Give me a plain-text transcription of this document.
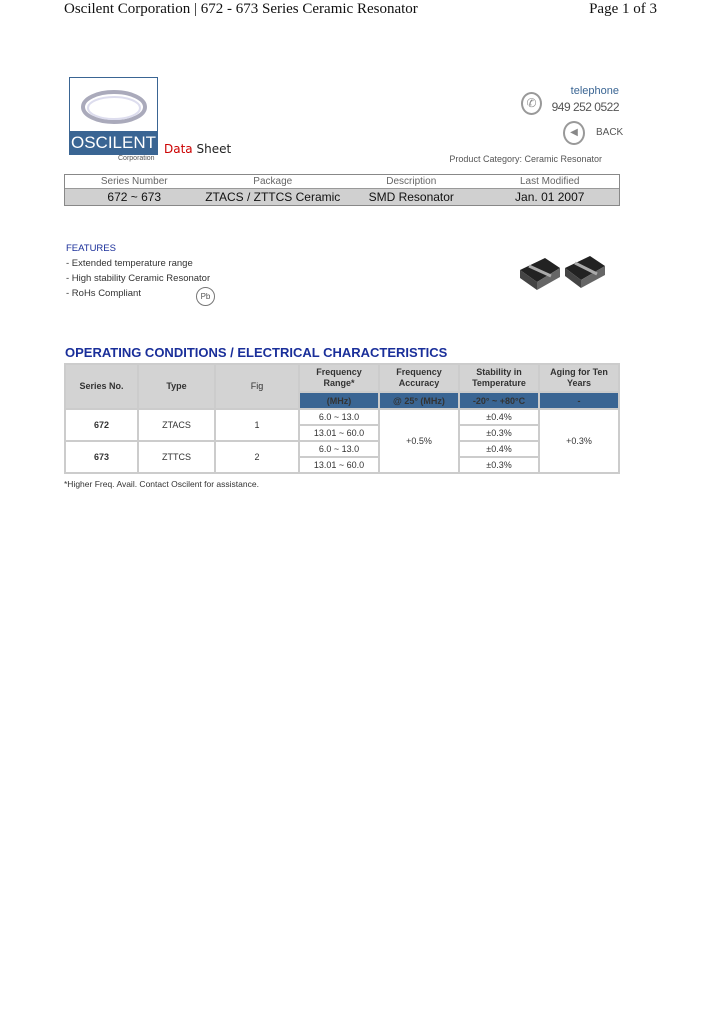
Oscilent Corporation | 672 - 673 Series Ceramic Resonator	Page 1 of 3
OSCILENT
Corporation
Data Sheet
✆
telephone
949 252 0522
◀	BACK
Product Category: Ceramic Resonator
Series Number	Package	Description	Last Modified
672 ~ 673	ZTACS / ZTTCS Ceramic	SMD Resonator	Jan. 01 2007
FEATURES
- Extended temperature range
- High stability Ceramic Resonator
- RoHs Compliant	Pb
OPERATING CONDITIONS / ELECTRICAL CHARACTERISTICS
Series No.	Type	Fig	Frequency Range*	Frequency Accuracy	Stability in Temperature	Aging for Ten Years
			(MHz)	@ 25° (MHz)	-20° ~ +80°C	-
672	ZTACS	1	6.0 ~ 13.0	+0.5%	±0.4%	+0.3%
			13.01 ~ 60.0		±0.3%	
673	ZTTCS	2	6.0 ~ 13.0		±0.4%	
			13.01 ~ 60.0		±0.3%	
*Higher Freq. Avail. Contact Oscilent for assistance.
